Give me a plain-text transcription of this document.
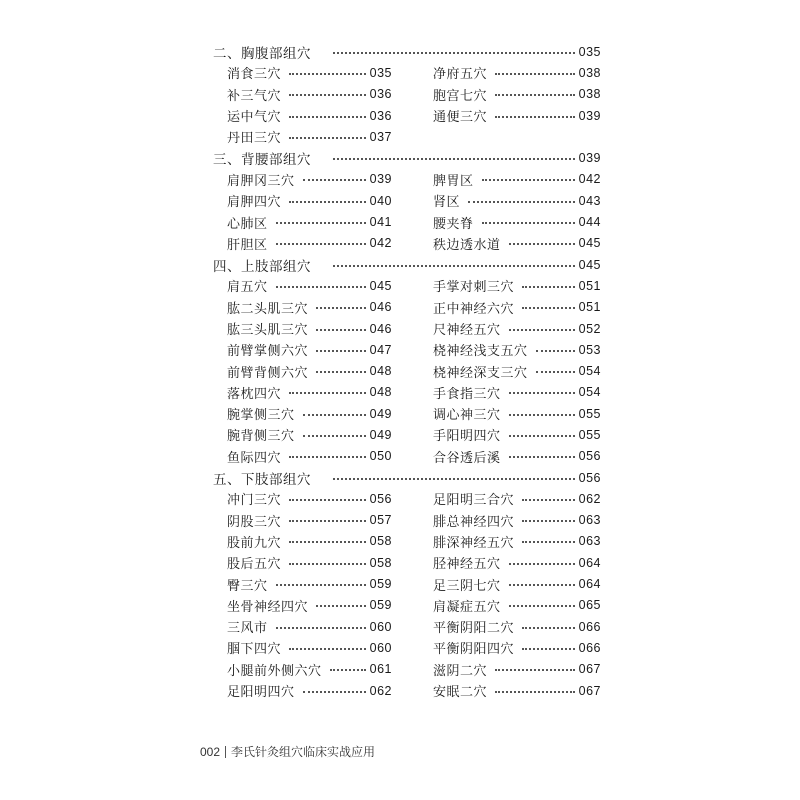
二、胸腹部组穴	035
消食三穴	035	净府五穴	038
补三气穴	036	胞宫七穴	038
运中气穴	036	通便三穴	039
丹田三穴	037
三、背腰部组穴	039
肩胛冈三穴	039	脾胃区	042
肩胛四穴	040	肾区	043
心肺区	041	腰夹脊	044
肝胆区	042	秩边透水道	045
四、上肢部组穴	045
肩五穴	045	手掌对刺三穴	051
肱二头肌三穴	046	正中神经六穴	051
肱三头肌三穴	046	尺神经五穴	052
前臂掌侧六穴	047	桡神经浅支五穴	053
前臂背侧六穴	048	桡神经深支三穴	054
落枕四穴	048	手食指三穴	054
腕掌侧三穴	049	调心神三穴	055
腕背侧三穴	049	手阳明四穴	055
鱼际四穴	050	合谷透后溪	056
五、下肢部组穴	056
冲门三穴	056	足阳明三合穴	062
阴股三穴	057	腓总神经四穴	063
股前九穴	058	腓深神经五穴	063
股后五穴	058	胫神经五穴	064
臀三穴	059	足三阴七穴	064
坐骨神经四穴	059	肩凝症五穴	065
三风市	060	平衡阴阳二穴	066
腘下四穴	060	平衡阴阳四穴	066
小腿前外侧六穴	061	滋阴二穴	067
足阳明四穴	062	安眠二穴	067
002 李氏针灸组穴临床实战应用
